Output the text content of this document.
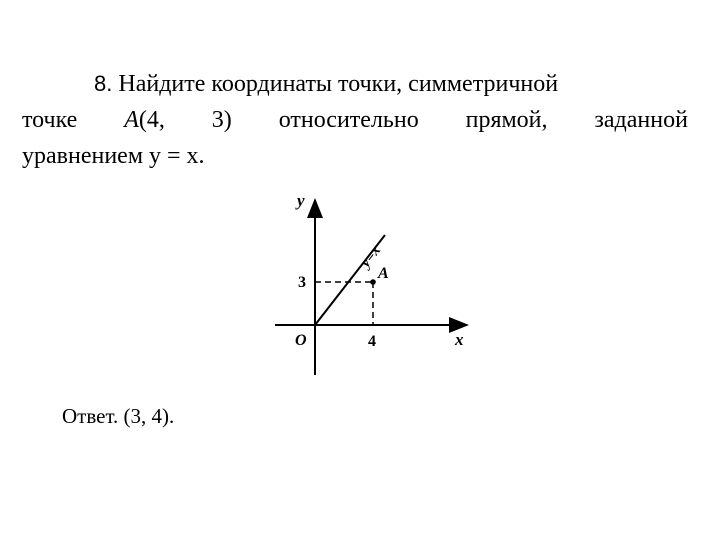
8. Найдите координаты точки, симметричной
точке A(4, 3) относительно прямой, заданной
уравнением y = x.
y
x
O	4
3
A
y=x
Ответ. (3, 4).
